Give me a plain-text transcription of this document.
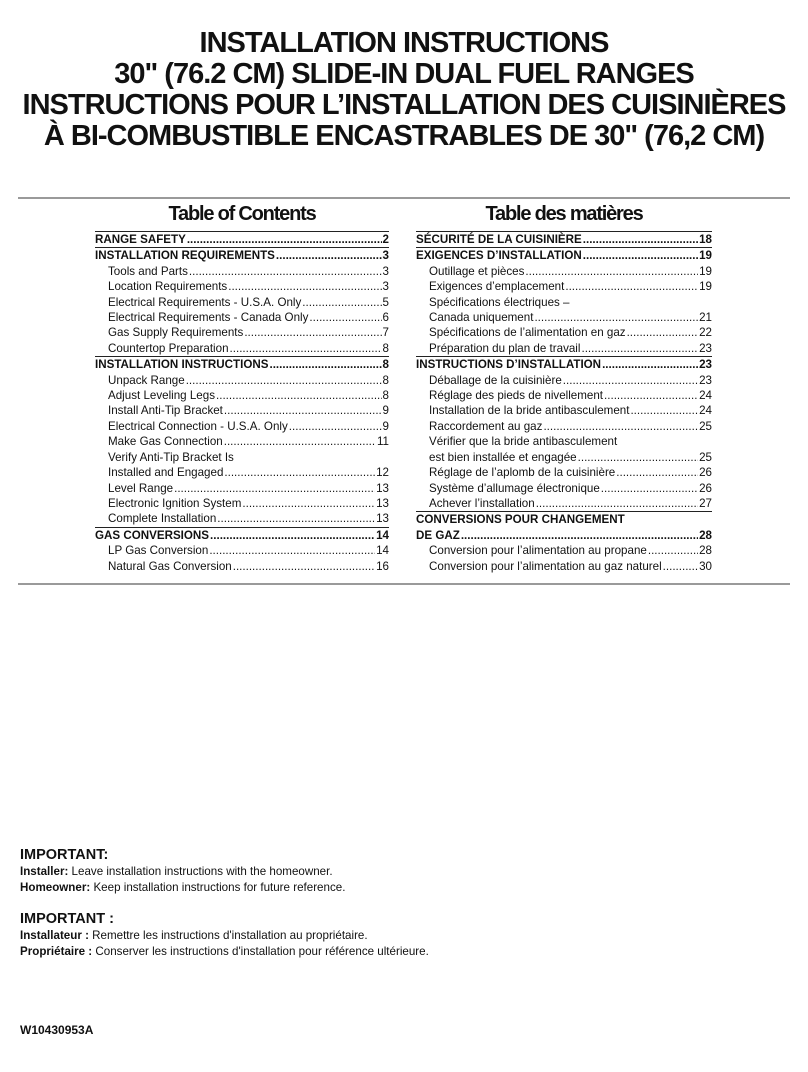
INSTALLATION INSTRUCTIONS
30" (76.2 CM) SLIDE-IN DUAL FUEL RANGES
INSTRUCTIONS POUR L’INSTALLATION DES CUISINIÈRES
À BI-COMBUSTIBLE ENCASTRABLES DE 30" (76,2 CM)
Table of Contents
RANGE SAFETY .....	2
INSTALLATION REQUIREMENTS .....	3
Tools and Parts .....	3
Location Requirements .....	3
Electrical Requirements - U.S.A. Only .....	5
Electrical Requirements - Canada Only .....	6
Gas Supply Requirements .....	7
Countertop Preparation .....	8
INSTALLATION INSTRUCTIONS .....	8
Unpack Range .....	8
Adjust Leveling Legs .....	8
Install Anti-Tip Bracket .....	9
Electrical Connection - U.S.A. Only .....	9
Make Gas Connection .....	11
Verify Anti-Tip Bracket Is
Installed and Engaged .....	12
Level Range .....	13
Electronic Ignition System .....	13
Complete Installation .....	13
GAS CONVERSIONS .....	14
LP Gas Conversion .....	14
Natural Gas Conversion .....	16
Table des matières
SÉCURITÉ DE LA CUISINIÈRE .....	18
EXIGENCES D’INSTALLATION .....	19
Outillage et pièces .....	19
Exigences d’emplacement .....	19
Spécifications électriques –
Canada uniquement .....	21
Spécifications de l’alimentation en gaz .....	22
Préparation du plan de travail .....	23
INSTRUCTIONS D’INSTALLATION .....	23
Déballage de la cuisinière .....	23
Réglage des pieds de nivellement .....	24
Installation de la bride antibasculement .....	24
Raccordement au gaz .....	25
Vérifier que la bride antibasculement
est bien installée et engagée .....	25
Réglage de l’aplomb de la cuisinière .....	26
Système d’allumage électronique .....	26
Achever l’installation .....	27
CONVERSIONS POUR CHANGEMENT
DE GAZ .....	28
Conversion pour l’alimentation au propane .....	28
Conversion pour l’alimentation au gaz naturel .....	30
IMPORTANT:
Installer: Leave installation instructions with the homeowner.
Homeowner: Keep installation instructions for future reference.
IMPORTANT :
Installateur : Remettre les instructions d'installation au propriétaire.
Propriétaire : Conserver les instructions d'installation pour référence ultérieure.
W10430953A
